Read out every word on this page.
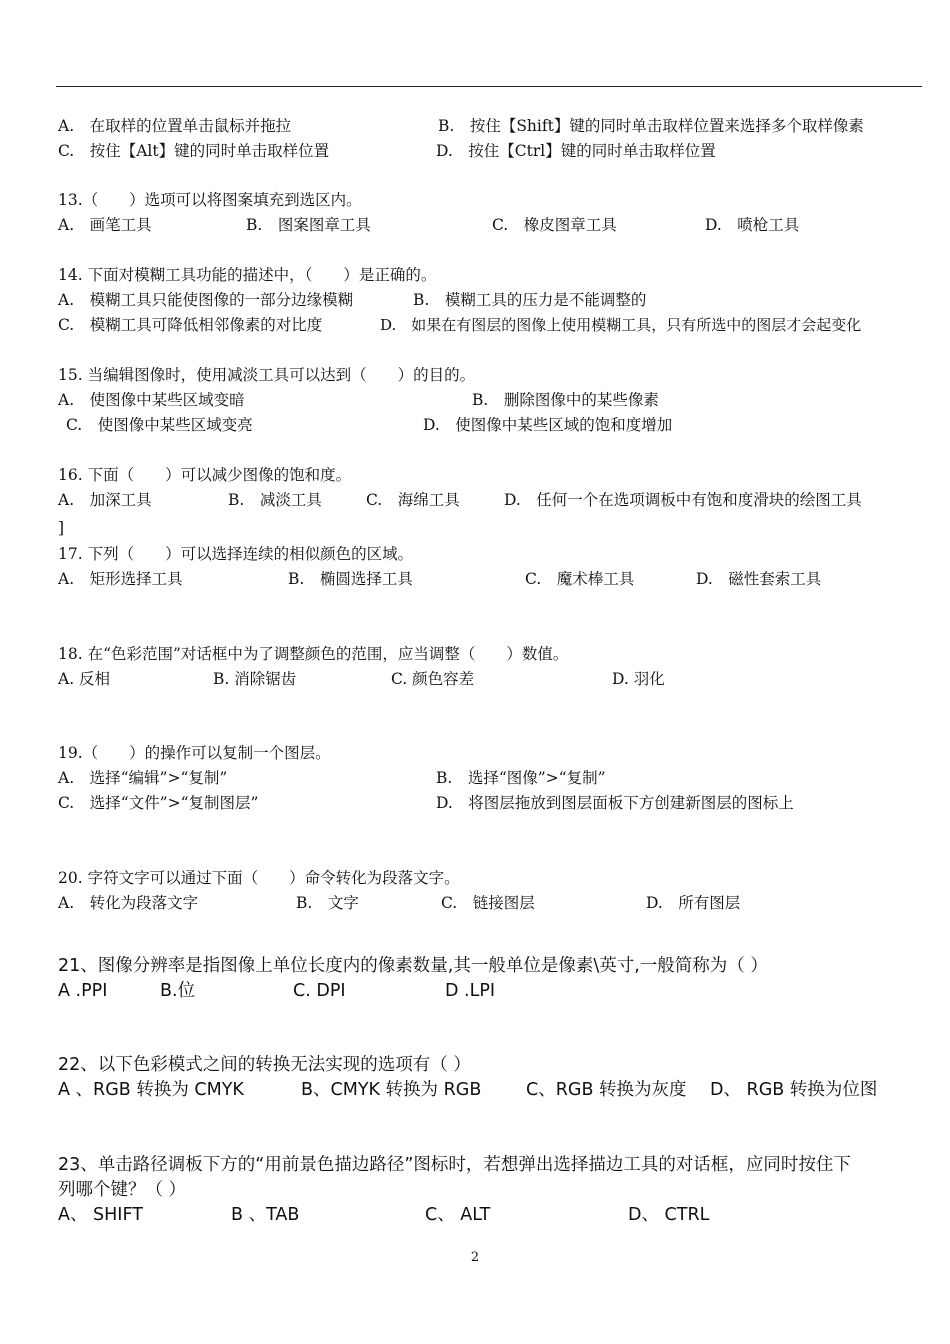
A.　在取样的位置单击鼠标并拖拉	B.　按住【Shift】键的同时单击取样位置来选择多个取样像素
C.　按住【Alt】键的同时单击取样位置	D.　按住【Ctrl】键的同时单击取样位置
13.（　　）选项可以将图案填充到选区内。
A.　画笔工具	B.　图案图章工具	C.　橡皮图章工具	D.　喷枪工具
14. 下面对模糊工具功能的描述中，（　　）是正确的。
A.　模糊工具只能使图像的一部分边缘模糊	B.　模糊工具的压力是不能调整的
C.　模糊工具可降低相邻像素的对比度	D.　如果在有图层的图像上使用模糊工具，只有所选中的图层才会起变化
15. 当编辑图像时，使用减淡工具可以达到（　　）的目的。
A.　使图像中某些区域变暗	B.　删除图像中的某些像素
C.　使图像中某些区域变亮	D.　使图像中某些区域的饱和度增加
16. 下面（　　）可以减少图像的饱和度。
A.　加深工具	B.　减淡工具	C.　海绵工具	D.　任何一个在选项调板中有饱和度滑块的绘图工具
]
17. 下列（　　）可以选择连续的相似颜色的区域。
A.　矩形选择工具	B.　椭圆选择工具	C.　魔术棒工具	D.　磁性套索工具
18. 在“色彩范围”对话框中为了调整颜色的范围，应当调整（　　）数值。
A. 反相	B. 消除锯齿	C. 颜色容差	D. 羽化
19.（　　）的操作可以复制一个图层。
A.　选择“编辑”>“复制”	B.　选择“图像”>“复制”
C.　选择“文件”>“复制图层”	D.　将图层拖放到图层面板下方创建新图层的图标上
20. 字符文字可以通过下面（　　）命令转化为段落文字。
A.　转化为段落文字	B.　文字	C.　链接图层	D.　所有图层
21、图像分辨率是指图像上单位长度内的像素数量,其一般单位是像素\英寸,一般简称为（ ）
A .PPI	B.位	C. DPI	D .LPI
22、以下色彩模式之间的转换无法实现的选项有（ ）
A 、RGB 转换为 CMYK	B、CMYK 转换为 RGB	C、RGB 转换为灰度 D、 RGB 转换为位图
23、单击路径调板下方的“用前景色描边路径”图标时，若想弹出选择描边工具的对话框，应同时按住下
列哪个键？（ ）
A、 SHIFT	B 、TAB	C、 ALT	D、 CTRL
2
